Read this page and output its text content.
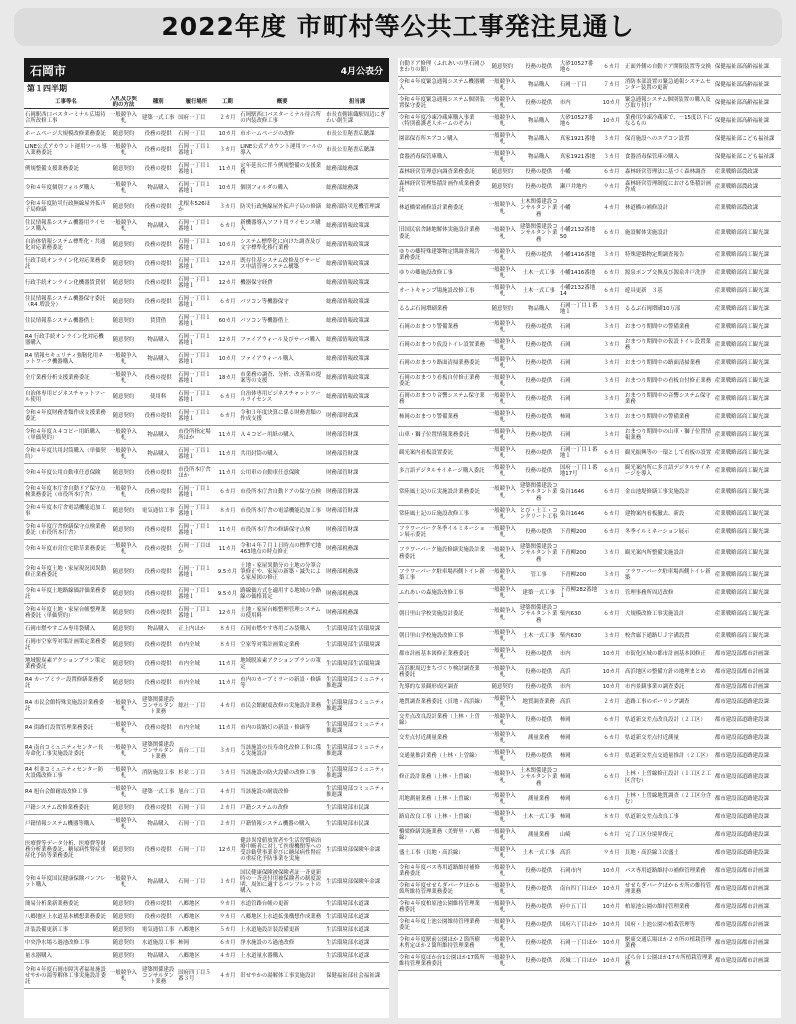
2022年度 市町村等公共工事発注見通し
石岡市	4月公表分
第１四半期
工事等名	入札及び契約の方法	種別	履行場所	工期	概要	担当課
石岡駅西口バスターミナル広場待合所改修工事	一般競争入札	建築一式工事	国府一丁目	２カ月	石岡駅西口バスターミナル待合所の内装改修工事	市長直轄組織駅周辺にぎわい創生課
ホームページ大規模改修業務委託	随意契約	役務の提供	石岡一丁目	10カ月	市ホームページの改修	市長公室秘書広聴課
LINE公式アカウント運用ツール導入業務委託	一般競争入札	役務の提供	石岡一丁目１番地１	３カ月	LINE公式アカウント運用ツールの導入	市長公室秘書広聴課
例規整備支援業務委託	随意契約	役務の提供	石岡一丁目１番地１	11カ月	定年延長に伴う例規整備の支援業務	総務部総務課
令和４年度個別フォルダ購入	一般競争入札	物品購入	石岡一丁目１番地１	10カ月	個別フォルダの購入	総務部総務課
令和４年度防災行政無線屋外拡声子局修繕	随意契約	役務の提供	北根本526ほか	３カ月	防災行政無線屋外拡声子局の修繕	総務部防災危機管理課
住民情報系システム機器用ライセンス購入	一般競争入札	物品購入	石岡一丁目１番地１	６カ月	新機器導入ソフト用ライセンス購入	総務部情報政策課
自治体情報システム標準化・共通化対応業務委託	随意契約	役務の提供	石岡一丁目１番地１	10カ月	システム標準化に向けた調査及び文字標準化移行業務	総務部情報政策課
行政手続オンライン化対応業務委託	随意契約	役務の提供	石岡一丁目１番地１	12カ月	既存住基システム改修及びサービス申請管理システム構築	総務部情報政策課
行政手続オンライン化機器賃貸借	随意契約	役務の提供	石岡一丁目１番地１	12カ月	機器保守経費	総務部情報政策課
住民情報系システム機器保守委託（R4 増設分）	随意契約	役務の提供	石岡一丁目１番地１	６カ月	パソコン等機器保守	総務部情報政策課
住民情報系システム機器借上	随意契約	賃貸借	石岡一丁目１番地１	60カ月	パソコン等機器借上	総務部情報政策課
R4 行政手続オンライン化対応機器購入	随意契約	物品購入	石岡一丁目１番地１	12カ月	ファイアウォール及びサーバ購入	総務部情報政策課
R4 情報セキュリティ強靭化用ネットワーク機器購入	一般競争入札	物品購入	石岡一丁目１番地１	10カ月	ファイアウォール購入	総務部情報政策課
全庁業務分析支援業務委託	一般競争入札	役務の提供	石岡一丁目１番地１	18カ月	市業務の調査、分析、改善策の提案等の支援	総務部情報政策課
自治体専用ビジネスチャットツール使用	随意契約	使用料	石岡一丁目１番地１	６カ月	自治体専用ビジネスチャットツールライセンス	総務部情報政策課
令和４年度財務書類作成支援業務委託	随意契約	役務の提供	石岡一丁目１番地１	６カ月	令和３年度決算に係る財務書類の作成支援	財務部財政課
令和４年度Ａ４コピー用紙購入（単価契約）	一般競争入札	物品購入	市役所指定場所ほか	11カ月	Ａ４コピー用紙の購入	財務部管財課
令和４年度共用封筒購入（単価契約）	一般競争入札	物品購入	石岡一丁目１番地１	11カ月	共用封筒の購入	財務部管財課
令和４年度公用自動車任意保険	随意契約	役務の提供	市役所本庁舎ほか	11カ月	公用車の自動車任意保険	財務部管財課
令和４年度本庁舎自動ドア保守点検業務委託（市役所本庁舎）	一般競争入札	役務の提供	石岡一丁目１番地１	６カ月	市役所本庁舎自動ドアの保守点検	財務部管財課
令和４年度本庁舎電話機能追加工事	随意契約	電気通信工事	石岡一丁目１番地１	８カ月	市役所本庁舎の電話機能追加工事	財務部管財課
令和４年度庁舎修繕保守点検業務委託（市役所本庁舎）	随意契約	役務の提供	石岡一丁目１番地１	11カ月	市役所本庁舎の修繕保守点検	財務部管財課
令和４年度市営住宅除草業務委託	一般競争入札	役務の提供	石岡一丁目ほか	11カ月	令和４年７月１日時点の標準宅地463地点の時点修正	財務部税務課
令和４年度土地・家屋現況図異動修正業務委託	随意契約	役務の提供	石岡一丁目１番地１	9.5カ月	土地・家屋異動分の土地の分筆合筆修正や、家屋の新築・滅失による家屋図の修正	財務部税務課
令和４年度土地路線価評価業務委託	随意契約	役務の提供	石岡一丁目１番地１	9.5カ月	路線価方式を適用する地域の全路線の価格算定	財務部税務課
令和４年度土地・家屋台帳整理業務委託（単価契約）	随意契約	役務の提供	石岡一丁目１番地１	12カ月	土地・家屋台帳整理管理システムの使用料	財務部税務課
石岡市燃やすごみ専用袋購入	随意契約	物品購入	正上内ほか	８カ月	石岡市燃やす専用ごみ袋購入	生活環境部生活環境課
石岡市空家等対策計画策定業務委託	随意契約	役務の提供	市内全域	８カ月	空家等対策計画策定業務	生活環境部生活環境課
地域脱炭素アクションプラン策定業務委託	随意契約	役務の提供	市内全域	11カ月	地域脱炭素アクションプランの策定	生活環境部生活環境課
R4 カーブミラー設置修繕業務委託	随意契約	役務の提供	市内全域	11カ月	市内のカーブミラーの新設・修繕等	生活環境部コミュニティ推進課
R4 市民会館特殊実施設計業務委託	一般競争入札	建築関係建設コンサルタント業務	総社一丁目	４カ月	市民会館耐震改修の実施設計業務	生活環境部コミュニティ推進課
R4 街路灯設置管理業務委託	一般競争入札	役務の提供	市内全域	11カ月	市内の街路灯の新設・修繕等	生活環境部コミュニティ推進課
R4 南台コミュニティセンター長寿命化工事実施設計委託	一般競争入札	建築関係建設コンサルタント業務	南台二丁目	３カ月	当該施設の長寿命化改修工事に係る実施設計	生活環境部コミュニティ推進課
R4 杉並コミュニティセンター防火設備改修工事	一般競争入札	消防施設工事	杉並二丁目	３カ月	当該施設の防火設備の改修工事	生活環境部コミュニティ推進課
R4 旭台会館耐震改修工事	一般競争入札	建築一式工事	旭台二丁目	４カ月	当該施設の耐震改修	生活環境部コミュニティ推進課
戸籍システム改修業務委託	随意契約	役務の提供	石岡一丁目	２カ月	戸籍システムの改修	生活環境部市民課
戸籍情報システム機器等購入	一般競争入札	物品購入	石岡一丁目	２カ月	戸籍情報システム機器の購入	生活環境部市民課
医療費等データ分析、医療費等財務分析業務委託、糖尿病性腎症重症化予防等業務委託	随意契約	役務の提供	石岡一丁目	12カ月	健診異常値放置者や生活習慣病治療中断者に対して医療機関等への受診勧奨事業並びに糖尿病性腎症の重症化予防事業を実施	生活環境部保険年金課
令和４年度国民健康保険パンフレット購入	一般競争入札	物品購入	石岡一丁目	１カ月	国民健康保険被保険者証一斉更新時の一斉送付用被保険者の制度説明、周知に適するパンフレットの購入	生活環境部保険年金課
簡易分析業新業務委託	随意契約	役務の提供	八郷地区	９カ月	水道管路台帳の更新	生活環境部水道課
八郷地区上水道基本構想業務委託	随意契約	役務の提供	八郷地区	９カ月	八郷地区上水道拡張構想作成業務	生活環境部水道課
計装設備更新工事	随意契約	電気通信工事	八郷地区	５カ月	上水道施設計装設備更新	生活環境部水道課
中央浄水場ろ過池改修工事	随意契約	水道施設工事	柿岡	６カ月	浄水施設のろ過池改修	生活環境部水道課
量水器購入	随意契約	物品購入	八郷地区	４カ月	上水道量水器購入	生活環境部水道課
令和４年度石岡市障害者福祉施設せやかの湯等解体工事実施設計委託	一般競争入札	建築関係建設コンサルタント業務	国府四丁目５番３号	４カ月	旧せやかの湯解体工事実施設計	保健福祉部社会福祉課
自動ドア修理（ふれあいの里石岡ひまわりの館）	随意契約	役務の提供	大砂10527番地６	６カ月	正面外側の自動ドア開閉装置等交換	保健福祉部高齢福祉課
令和４年度緊急通報システム機器購入	一般競争入札	物品購入	石岡一丁目	７カ月	消防本部設置の緊急通報システムセンター装置の更新	保健福祉部高齢福祉課
令和４年度緊急通報システム個別装置保守委託	一般競争入札	役務の提供	市内	10カ月	緊急通報システム個別装置の購入及び取り付け	保健福祉部高齢福祉課
令和４年度冷凍冷蔵庫購入事業（特別養護老人ホームのぞみ）	一般競争入札	物品購入	大砂10527番地６	10カ月	業務用冷凍冷蔵庫で、－15度以下になるもの	保健福祉部高齢福祉課
園部保育所エアコン購入	一般競争入札	物品購入	真家1921番地	３カ月	保育施設へのエアコン設置	保健福祉部こども福祉課
食器消毒保管庫購入	一般競争入札	物品購入	真家1921番地	３カ月	食器消毒保管庫の購入	保健福祉部こども福祉課
森林経営管理意向調査業務委託	随意契約	役務の提供	小幡	６カ月	森林経営管理法に基づく森林調査	産業戦略部農政課
森林経営管理集積計画作成業務委託	随意契約	役務の提供	瀬戸井地内	９カ月	森林経営管理制度における集積計画作成	産業戦略部農政課
林道橋梁補修設計業務委託	一般競争入札	土木関係建設コンサルタント業務	小幡	４カ月	林道橋の補修設計	産業戦略部農政課
旧国民宿舎跡地解体実施設計業務委託	一般競争入札	建築関係建設コンサルタント業務	小幡2132番地50	６カ月	施設解体実施設計	産業戦略部商工観光課
ゆりの郷特殊建築物定期調査報告業務委託	一般競争入札	役務の提供	小幡1416番地	３カ月	特殊建築物定期調査報告	産業戦略部商工観光課
ゆりの郷施設改修工事	一般競争入札	土木一式工事	小幡1416番地	６カ月	源泉ポンプ交換及び源泉井戸洗浄	産業戦略部商工観光課
オートキャンプ場施設改修工事	一般競争入札	土木一式工事	小幡2132番地14	６カ月	遊具更新　３基	産業戦略部商工観光課
るるぶ石岡増刷業務	随意契約	物品購入	石岡一丁目１番地１	３カ月	るるぶ石岡増刷10万部	産業戦略部商工観光課
石岡のおまつり警備業務	一般競争入札	役務の提供	石岡	３カ月	おまつり期間中の警備業務	産業戦略部商工観光課
石岡のおまつり仮設トイレ設置業務	一般競争入札	役務の提供	石岡	３カ月	おまつり期間中の仮設トイレ設置業務	産業戦略部商工観光課
石岡のおまつり路面清掃業務委託	一般競争入札	役務の提供	石岡	３カ月	おまつり期間中の路面清掃業務	産業戦略部商工観光課
石岡のおまつり看板自付修正業務委託	一般競争入札	役務の提供	石岡	３カ月	おまつり期間中の看板自付修正業務	産業戦略部商工観光課
石岡のおまつり音響システム保守業務	一般競争入札	役務の提供	石岡	３カ月	おまつり期間中の音響システム保守業務	産業戦略部商工観光課
柿岡のおまつり警備業務	一般競争入札	役務の提供	柿岡	３カ月	おまつり期間中の警備業務	産業戦略部商工観光課
山車・獅子位置情報業務委託	一般競争入札	役務の提供	石岡	３カ月	おまつり期間中の山車・獅子位置情報業務	産業戦略部商工観光課
観光案内看板設置委託	一般競争入札	役務の提供	石岡一丁目１番地１	６カ月	観光振興等の一環として看板の設置	産業戦略部商工観光課
多言語デジタルサイネージ購入委託	一般競争入札	役務の提供	国府一丁目１番地17号	６カ月	観光案内所に多言語デジタルサイネージを導入	産業戦略部商工観光課
常陸風土記の丘実施設計業務委託	一般競争入札	建築関係建設コンサルタント業務	染谷1646	６カ月	金山池堤修繕工事実施設計	産業戦略部商工観光課
常陸風土記の丘施設改修工事	一般競争入札	とび・土工・コンクリート工事	染谷1646	６カ月	建物案内看板撤去、新設	産業戦略部商工観光課
フラワーパーク冬季イルミネーション展示委託	一般競争入札	役務の提供	下青柳200	６カ月	冬季イルミネーション展示	産業戦略部商工観光課
フラワーパーク施設修繕実施設計業務委託	一般競争入札	建築関係建設コンサルタント業務	下青柳200	３カ月	観光案内所整備実施設計	産業戦略部商工観光課
フラワーパーク駐車場西側トイレ新築工事	一般競争入札	管工事	下青柳200	３カ月	フラワーパーク駐車場西側トイレ新築	産業戦略部商工観光課
ふれあいの森施設改修工事	一般競争入札	建築一式工事	下青柳282番地１	３カ月	管理事務所周辺改修	産業戦略部商工観光課
朝日里山学校実施設計委託	一般競争入札	建築関係建設コンサルタント業務	柴内630	６カ月	大規模改修工事実施設計	産業戦略部商工観光課
朝日里山学校施設改修工事	一般競争入札	土木一式工事	柴内630	３カ月	校舎廊下通路ＵＪ字溝設置	産業戦略部商工観光課
都市計画基本図修正業務委託	一般競争入札	役務の提供	市内	10カ月	市街化区域の都市計画基本図修正	都市建設部都市計画課
高浜駅周辺まちづくり検討調査業務委託	一般競争入札	役務の提供	高浜	10カ月	高浜地区の整備方針の地理まとめ	都市建設部都市計画課
先導的な景観形成区調査	随意契約	役務の提供	市内	10カ月	市内景観事業の調査委託	都市建設部都市計画課
地質調査業務委託（貝地・高浜線）	一般競争入札	地質調査業務	高浜	２カ月	道路工事のボーリング調査	都市建設部道路建設課
交差点改良設計業務（上林・上曽線）	一般競争入札	役務の提供	柿岡	６カ月	県道新交差点改良設計（２工区）	都市建設部道路建設課
交差点付近測量業務	一般競争入札	測量業務	柿岡	６カ月	県道新交差点付近測量	都市建設部道路建設課
交通量推計業務（上林・上曽線）	一般競争入札	役務の提供	柿岡	６カ月	県道新交差点交通量推計（２工区）	都市建設部道路建設課
修正設計業務（上林・上曽線）	一般競争入札	土木関係建設コンサルタント業務	柿岡	６カ月	上林・上曽線修正設計（１工区２工区含む）	都市建設部道路建設課
用地測量業務（上林・上曽線）	一般競争入札	測量業務	柿岡	６カ月	上林・上曽線地質調査（２工区分含む）	都市建設部道路建設課
路肩改良工事（上林・上曽線）	一般競争入札	土木一式工事	柿岡	８カ月	県道新交差点改良工事	都市建設部道路建設課
橋梁修繕実施業務（美野里・八郷線）	一般競争入札	測量業務	山崎	６カ月	完了工区分境界復元	都市建設部道路建設課
盛土工事（貝地・高浜線）	一般競争入札	土木一式工事	高浜	９カ月	貝地・高浜線３次盛土	都市建設部道路建設課
令和４年度バス専用道路維持補修業務委託	一般競争入札	役務の提供	石岡市内	10カ月	バス専用道路維持の補修管理業務	都市建設部都市計画課
令和４年度せせらぎパークほか６箇所維持管理業務委託	一般競争入札	役務の提供	南台四丁目ほか	10カ月	せせらぎパークほか６カ所の維持管理業務	都市建設部都市計画課
令和４年度柏原池公園維持管理業務委託	一般競争入札	役務の提供	府中五丁目	10カ月	柏原池公園の維持管理業務	都市建設部都市計画課
令和４年度上池公園維持管理業務委託	一般競争入札	役務の提供	国府六丁目ほか	10カ月	国府・上池公園の植栽管理等	都市建設部都市計画課
令和４年度駅前公園ほか２箇所樹木剪定ほか２箇所維持管理業務	一般競争入札	役務の提供	石岡一丁目ほか	10カ月	駅東交通広場ほか２カ所の植栽管理業務	都市建設部都市計画課
令和４年度ほか台1公園ほか17箇所維持管理業務委託	一般競争入札	役務の提供	茨城二丁目ほか	10カ月	ばら台１公園ほか17カ所植栽管理業務	都市建設部都市計画課
